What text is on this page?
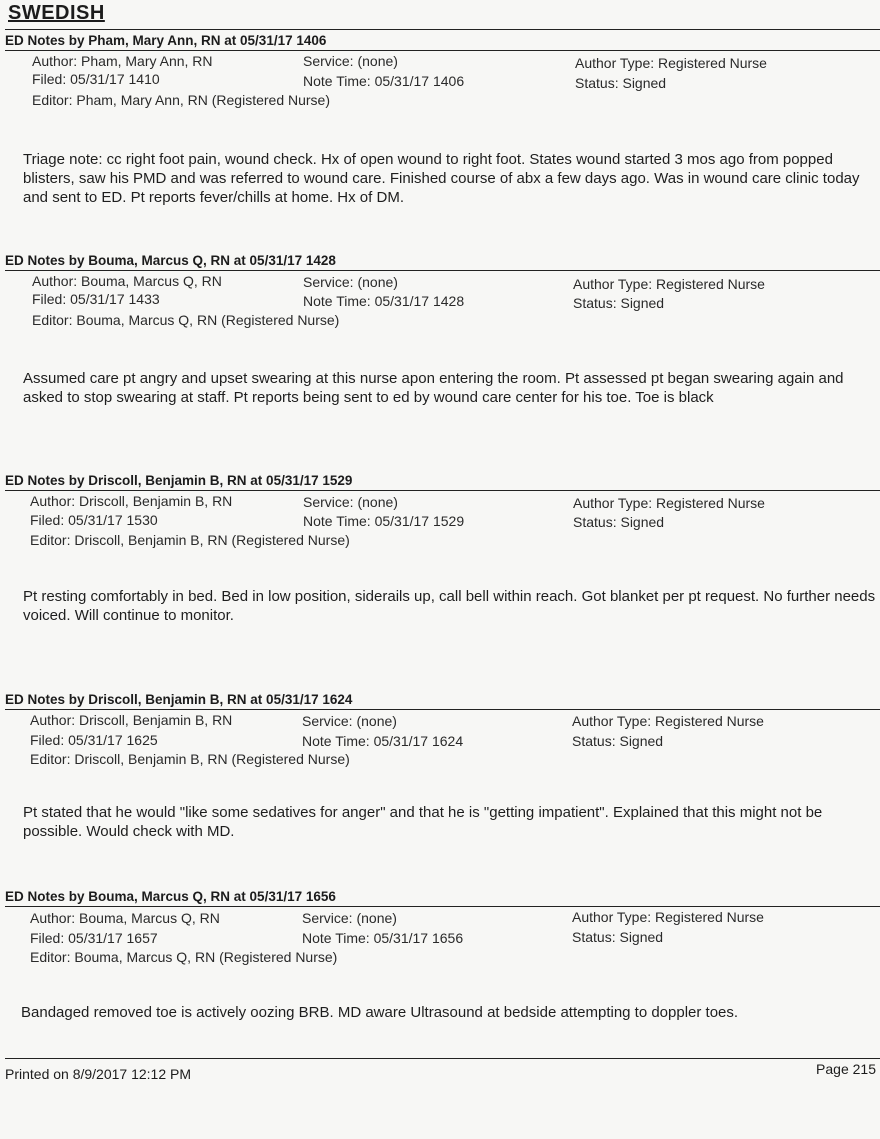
SWEDISH
ED Notes by Pham, Mary Ann, RN at 05/31/17 1406
Author: Pham, Mary Ann, RN	Service: (none)	Author Type: Registered Nurse
Filed: 05/31/17 1410	Note Time: 05/31/17 1406	Status: Signed
Editor: Pham, Mary Ann, RN (Registered Nurse)
Triage note: cc right foot pain, wound check. Hx of open wound to right foot. States wound started 3 mos ago from popped blisters, saw his PMD and was referred to wound care. Finished course of abx a few days ago. Was in wound care clinic today and sent to ED. Pt reports fever/chills at home. Hx of DM.
ED Notes by Bouma, Marcus Q, RN at 05/31/17 1428
Author: Bouma, Marcus Q, RN	Service: (none)	Author Type: Registered Nurse
Filed: 05/31/17 1433	Note Time: 05/31/17 1428	Status: Signed
Editor: Bouma, Marcus Q, RN (Registered Nurse)
Assumed care pt angry and upset swearing at this nurse apon entering the room. Pt assessed pt began swearing again and asked to stop swearing at staff. Pt reports being sent to ed by wound care center for his toe. Toe is black
ED Notes by Driscoll, Benjamin B, RN at 05/31/17 1529
Author: Driscoll, Benjamin B, RN	Service: (none)	Author Type: Registered Nurse
Filed: 05/31/17 1530	Note Time: 05/31/17 1529	Status: Signed
Editor: Driscoll, Benjamin B, RN (Registered Nurse)
Pt resting comfortably in bed. Bed in low position, siderails up, call bell within reach. Got blanket per pt request. No further needs voiced. Will continue to monitor.
ED Notes by Driscoll, Benjamin B, RN at 05/31/17 1624
Author: Driscoll, Benjamin B, RN	Service: (none)	Author Type: Registered Nurse
Filed: 05/31/17 1625	Note Time: 05/31/17 1624	Status: Signed
Editor: Driscoll, Benjamin B, RN (Registered Nurse)
Pt stated that he would "like some sedatives for anger" and that he is "getting impatient". Explained that this might not be possible. Would check with MD.
ED Notes by Bouma, Marcus Q, RN at 05/31/17 1656
Author: Bouma, Marcus Q, RN	Service: (none)	Author Type: Registered Nurse
Filed: 05/31/17 1657	Note Time: 05/31/17 1656	Status: Signed
Editor: Bouma, Marcus Q, RN (Registered Nurse)
Bandaged removed toe is actively oozing BRB. MD aware Ultrasound at bedside attempting to doppler toes.
Printed on 8/9/2017 12:12 PM	Page 215
